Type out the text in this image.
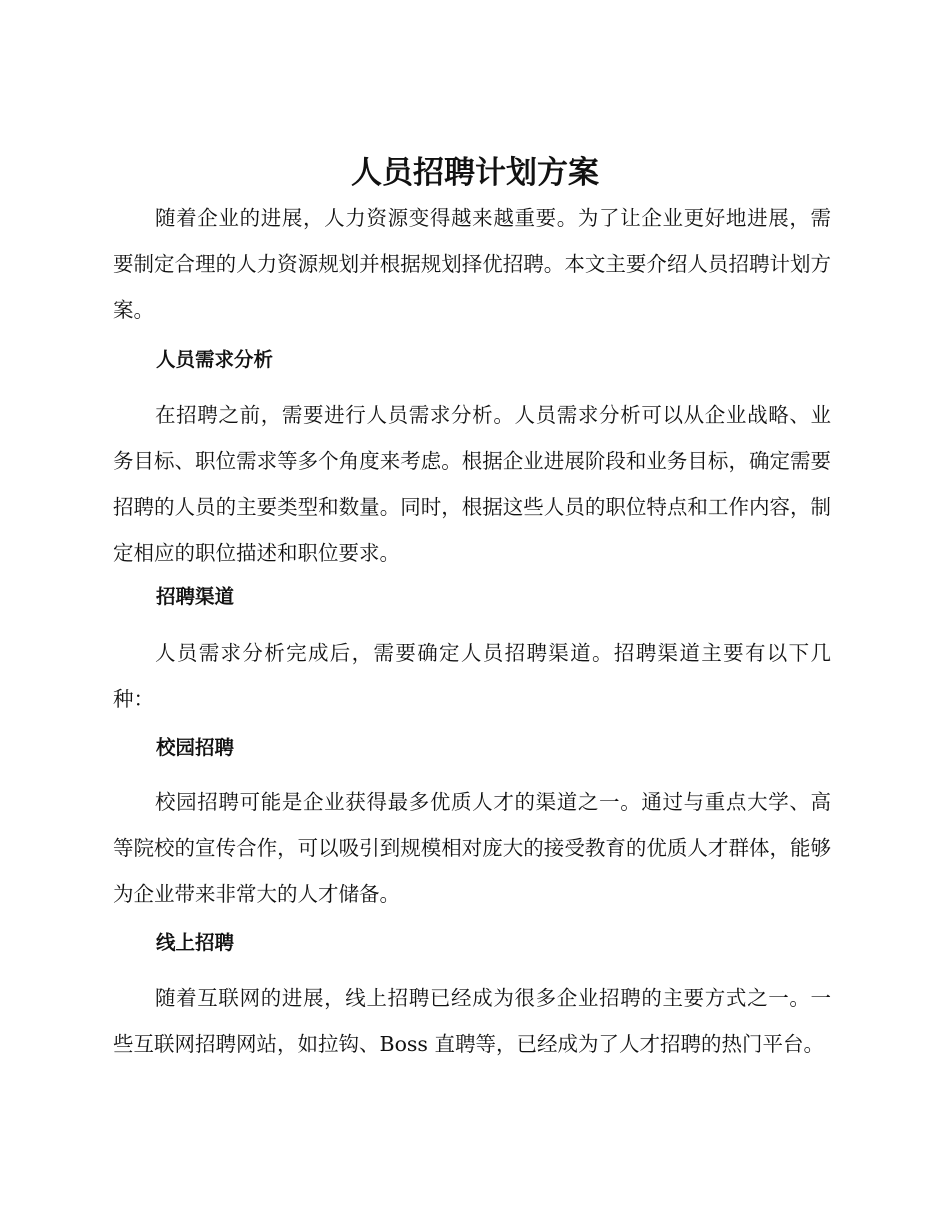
人员招聘计划方案

随着企业的进展，人力资源变得越来越重要。为了让企业更好地进展，需要制定合理的人力资源规划并根据规划择优招聘。本文主要介绍人员招聘计划方案。

人员需求分析

在招聘之前，需要进行人员需求分析。人员需求分析可以从企业战略、业务目标、职位需求等多个角度来考虑。根据企业进展阶段和业务目标，确定需要招聘的人员的主要类型和数量。同时，根据这些人员的职位特点和工作内容，制定相应的职位描述和职位要求。

招聘渠道

人员需求分析完成后，需要确定人员招聘渠道。招聘渠道主要有以下几种：

校园招聘

校园招聘可能是企业获得最多优质人才的渠道之一。通过与重点大学、高等院校的宣传合作，可以吸引到规模相对庞大的接受教育的优质人才群体，能够为企业带来非常大的人才储备。

线上招聘

随着互联网的进展，线上招聘已经成为很多企业招聘的主要方式之一。一些互联网招聘网站，如拉钩、Boss 直聘等，已经成为了人才招聘的热门平台。
